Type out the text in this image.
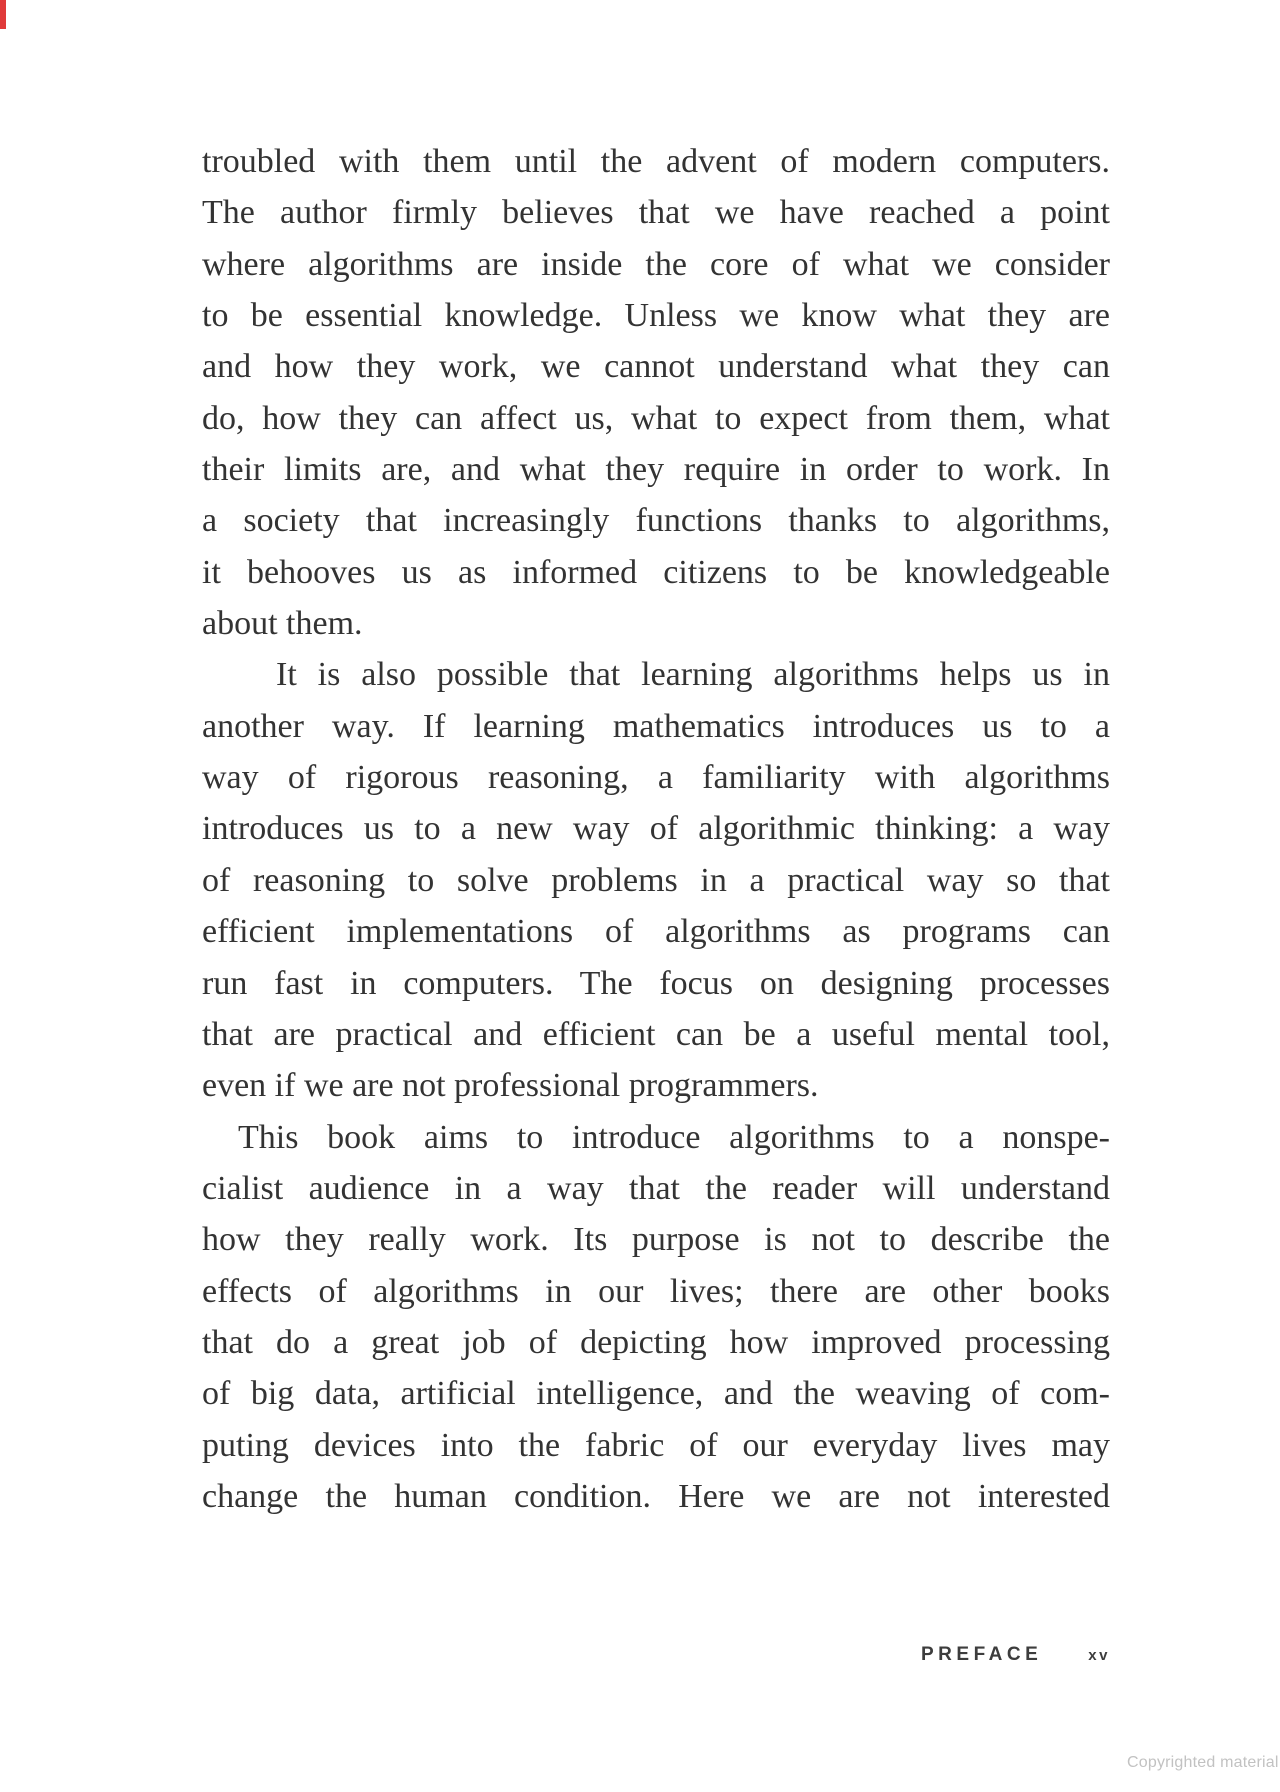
troubled with them until the advent of modern computers.
The author firmly believes that we have reached a point
where algorithms are inside the core of what we consider
to be essential knowledge. Unless we know what they are
and how they work, we cannot understand what they can
do, how they can affect us, what to expect from them, what
their limits are, and what they require in order to work. In
a society that increasingly functions thanks to algorithms,
it behooves us as informed citizens to be knowledgeable
about them.
It is also possible that learning algorithms helps us in
another way. If learning mathematics introduces us to a
way of rigorous reasoning, a familiarity with algorithms
introduces us to a new way of algorithmic thinking: a way
of reasoning to solve problems in a practical way so that
efficient implementations of algorithms as programs can
run fast in computers. The focus on designing processes
that are practical and efficient can be a useful mental tool,
even if we are not professional programmers.
This book aims to introduce algorithms to a nonspe-
cialist audience in a way that the reader will understand
how they really work. Its purpose is not to describe the
effects of algorithms in our lives; there are other books
that do a great job of depicting how improved processing
of big data, artificial intelligence, and the weaving of com-
puting devices into the fabric of our everyday lives may
change the human condition. Here we are not interested
PREFACE	xv
Copyrighted material
